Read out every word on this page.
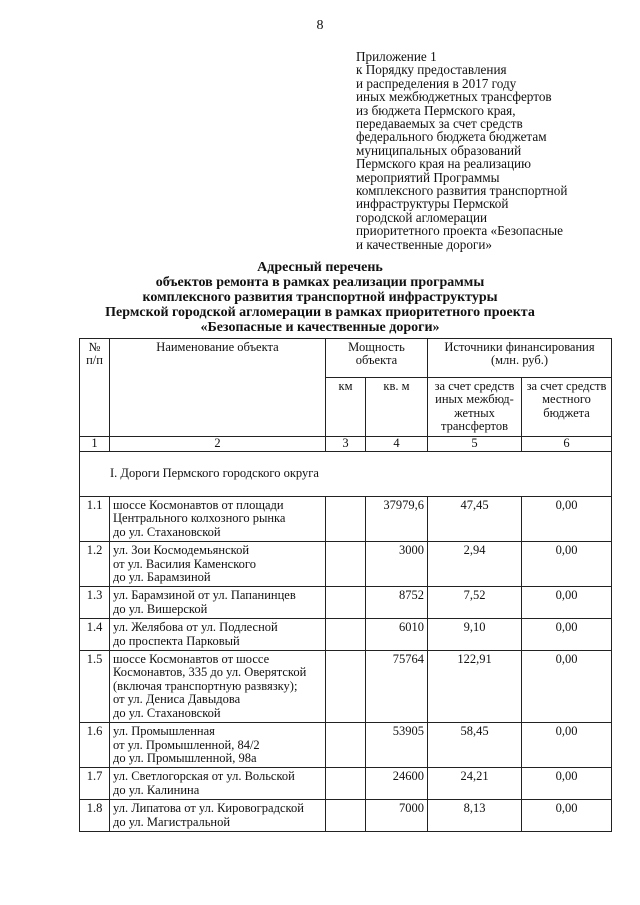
8
Приложение 1
к Порядку предоставления
и распределения в 2017 году
иных межбюджетных трансфертов
из бюджета Пермского края,
передаваемых за счет средств
федерального бюджета бюджетам
муниципальных образований
Пермского края на реализацию
мероприятий Программы
комплексного развития транспортной
инфраструктуры Пермской
городской агломерации
приоритетного проекта «Безопасные
и качественные дороги»
Адресный перечень
объектов ремонта в рамках реализации программы
комплексного развития транспортной инфраструктуры
Пермской городской агломерации в рамках приоритетного проекта
«Безопасные и качественные дороги»
№ п/п	Наименование объекта	Мощность объекта		Источники финансирования (млн. руб.)	
		км	кв. м	за счет средств иных межбюд-жетных трансфертов	за счет средств местного бюджета
1	2	3	4	5	6
I. Дороги Пермского городского округа					
1.1	шоссе Космонавтов от площади
Центрального колхозного рынка
до ул. Стахановской		37979,6	47,45	0,00
1.2	ул. Зои Космодемьянской
от ул. Василия Каменского
до ул. Барамзиной		3000	2,94	0,00
1.3	ул. Барамзиной от ул. Папанинцев
до ул. Вишерской		8752	7,52	0,00
1.4	ул. Желябова от ул. Подлесной
до проспекта Парковый		6010	9,10	0,00
1.5	шоссе Космонавтов от шоссе
Космонавтов, 335 до ул. Оверятской
(включая транспортную развязку);
от ул. Дениса Давыдова
до ул. Стахановской		75764	122,91	0,00
1.6	ул. Промышленная
от ул. Промышленной, 84/2
до ул. Промышленной, 98а		53905	58,45	0,00
1.7	ул. Светлогорская от ул. Вольской
до ул. Калинина		24600	24,21	0,00
1.8	ул. Липатова от ул. Кировоградской
до ул. Магистральной		7000	8,13	0,00
